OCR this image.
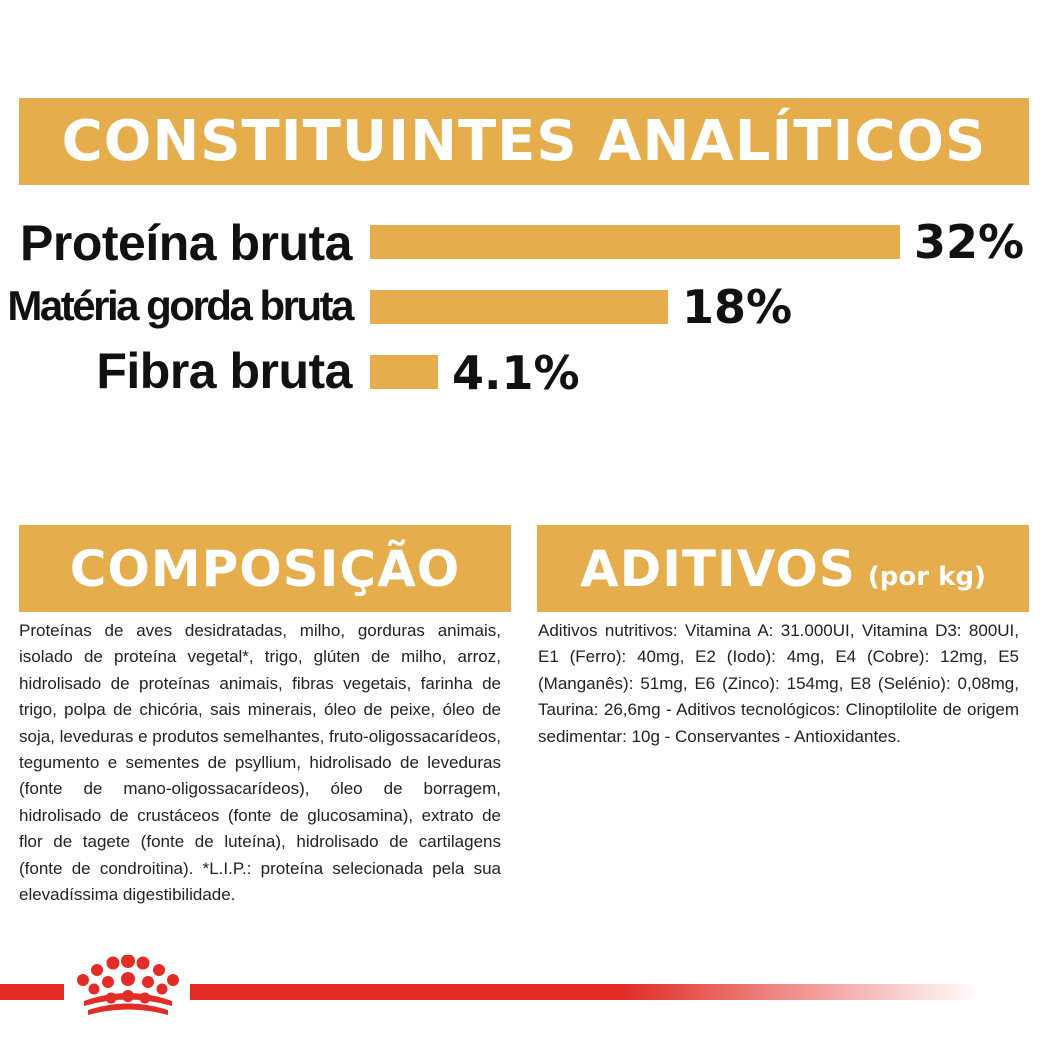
CONSTITUINTES ANALÍTICOS
Proteína bruta	32%
Matéria gorda bruta	18%
Fibra bruta 4.1%
COMPOSIÇÃO

Proteínas de aves desidratadas, milho, gorduras animais, isolado de proteína vegetal*, trigo, glúten de milho, arroz, hidrolisado de proteínas animais, fibras vegetais, farinha de trigo, polpa de chicória, sais minerais, óleo de peixe, óleo de soja, leveduras e produtos semelhantes, fruto-oligossacarídeos, tegumento e sementes de psyllium, hidrolisado de leveduras (fonte de mano-oligossacarídeos), óleo de borragem, hidrolisado de crustáceos (fonte de glucosamina), extrato de flor de tagete (fonte de luteína), hidrolisado de cartilagens (fonte de condroitina). *L.I.P.: proteína selecionada pela sua elevadíssima digestibilidade.

ADITIVOS (por kg)

Aditivos nutritivos: Vitamina A: 31.000UI, Vitamina D3: 800UI, E1 (Ferro): 40mg, E2 (Iodo): 4mg, E4 (Cobre): 12mg, E5 (Manganês): 51mg, E6 (Zinco): 154mg, E8 (Selénio): 0,08mg, Taurina: 26,6mg - Aditivos tecnológicos: Clinoptilolite de origem sedimentar: 10g - Conservantes - Antioxidantes.
